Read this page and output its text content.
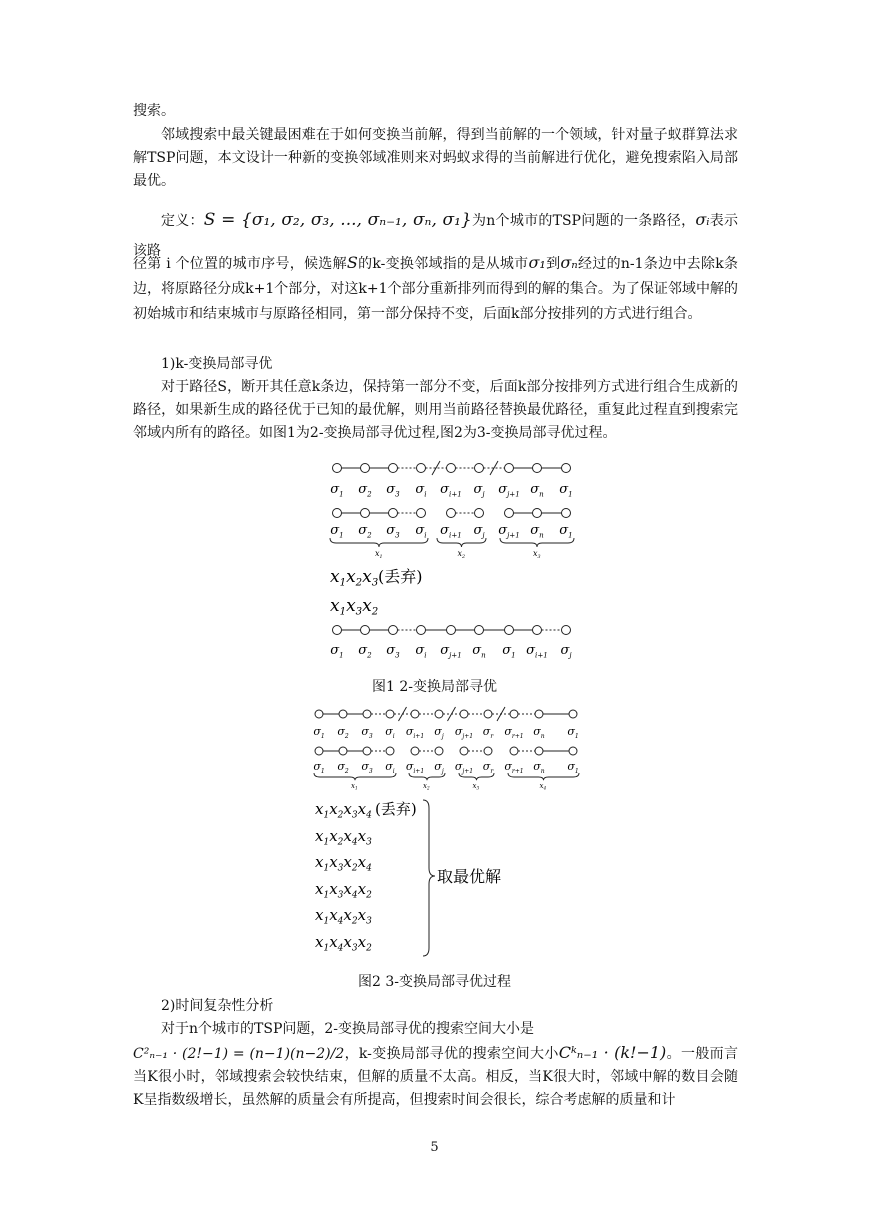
搜索。

邻域搜索中最关键最困难在于如何变换当前解，得到当前解的一个领域，针对量子蚁群算法求解TSP问题，本文设计一种新的变换邻域准则来对蚂蚁求得的当前解进行优化，避免搜索陷入局部最优。

定义：S = {σ₁, σ₂, σ₃, ..., σₙ₋₁, σₙ, σ₁}为n个城市的TSP问题的一条路径，σᵢ表示该路

径第 i 个位置的城市序号，候选解S的k-变换邻域指的是从城市σ₁到σₙ经过的n-1条边中去除k条边，将原路径分成k+1个部分，对这k+1个部分重新排列而得到的解的集合。为了保证邻域中解的初始城市和结束城市与原路径相同，第一部分保持不变，后面k部分按排列的方式进行组合。

1)k-变换局部寻优

对于路径S，断开其任意k条边，保持第一部分不变，后面k部分按排列方式进行组合生成新的路径，如果新生成的路径优于已知的最优解，则用当前路径替换最优路径，重复此过程直到搜索完邻域内所有的路径。如图1为2-变换局部寻优过程,图2为3-变换局部寻优过程。

$\sigma_1$ $\sigma_2$ $\sigma_3$ $\sigma_i$ $\sigma_{i+1}$ $\sigma_j$ $\sigma_{j+1}$ $\sigma_n$ $\sigma_1$
$\sigma_1$ $\sigma_2$ $\sigma_3$ $\sigma_i$ $\sigma_{i+1}$ $\sigma_j$ $\sigma_{j+1}$ $\sigma_n$ $\sigma_1$
$x_1$	$x_2$	$x_3$
$x_1x_2x_3$ (丢弃)
$x_1x_3x_2$
$\sigma_1$ $\sigma_2$ $\sigma_3$ $\sigma_i$ $\sigma_{j+1}$ $\sigma_n$ $\sigma_1$ $\sigma_{i+1}$ $\sigma_j$

图1 2-变换局部寻优

$\sigma_1$ $\sigma_2$ $\sigma_3$ $\sigma_i$ $\sigma_{i+1}$ $\sigma_j$ $\sigma_{j+1}$ $\sigma_r$ $\sigma_{r+1}$ $\sigma_n$ $\sigma_1$
$\sigma_1$ $\sigma_2$ $\sigma_3$ $\sigma_i$ $\sigma_{i+1}$ $\sigma_j$ $\sigma_{j+1}$ $\sigma_r$ $\sigma_{r+1}$ $\sigma_n$ $\sigma_1$
$x_1$	$x_2$	$x_3$	$x_4$
$x_1x_2x_3x_4$
$x_1x_2x_4x_3$
$x_1x_3x_2x_4$
$x_1x_3x_4x_2$
$x_1x_4x_2x_3$
$x_1x_4x_3x_2$
(丢弃)
取最优解

图2 3-变换局部寻优过程

2)时间复杂性分析

对于n个城市的TSP问题，2-变换局部寻优的搜索空间大小是

C²ₙ₋₁ · (2!−1) = (n−1)(n−2)/2，k-变换局部寻优的搜索空间大小Cᵏₙ₋₁ · (k!−1)。一般而言当K很小时，邻域搜索会较快结束，但解的质量不太高。相反，当K很大时，邻域中解的数目会随K呈指数级增长，虽然解的质量会有所提高，但搜索时间会很长，综合考虑解的质量和计

5
